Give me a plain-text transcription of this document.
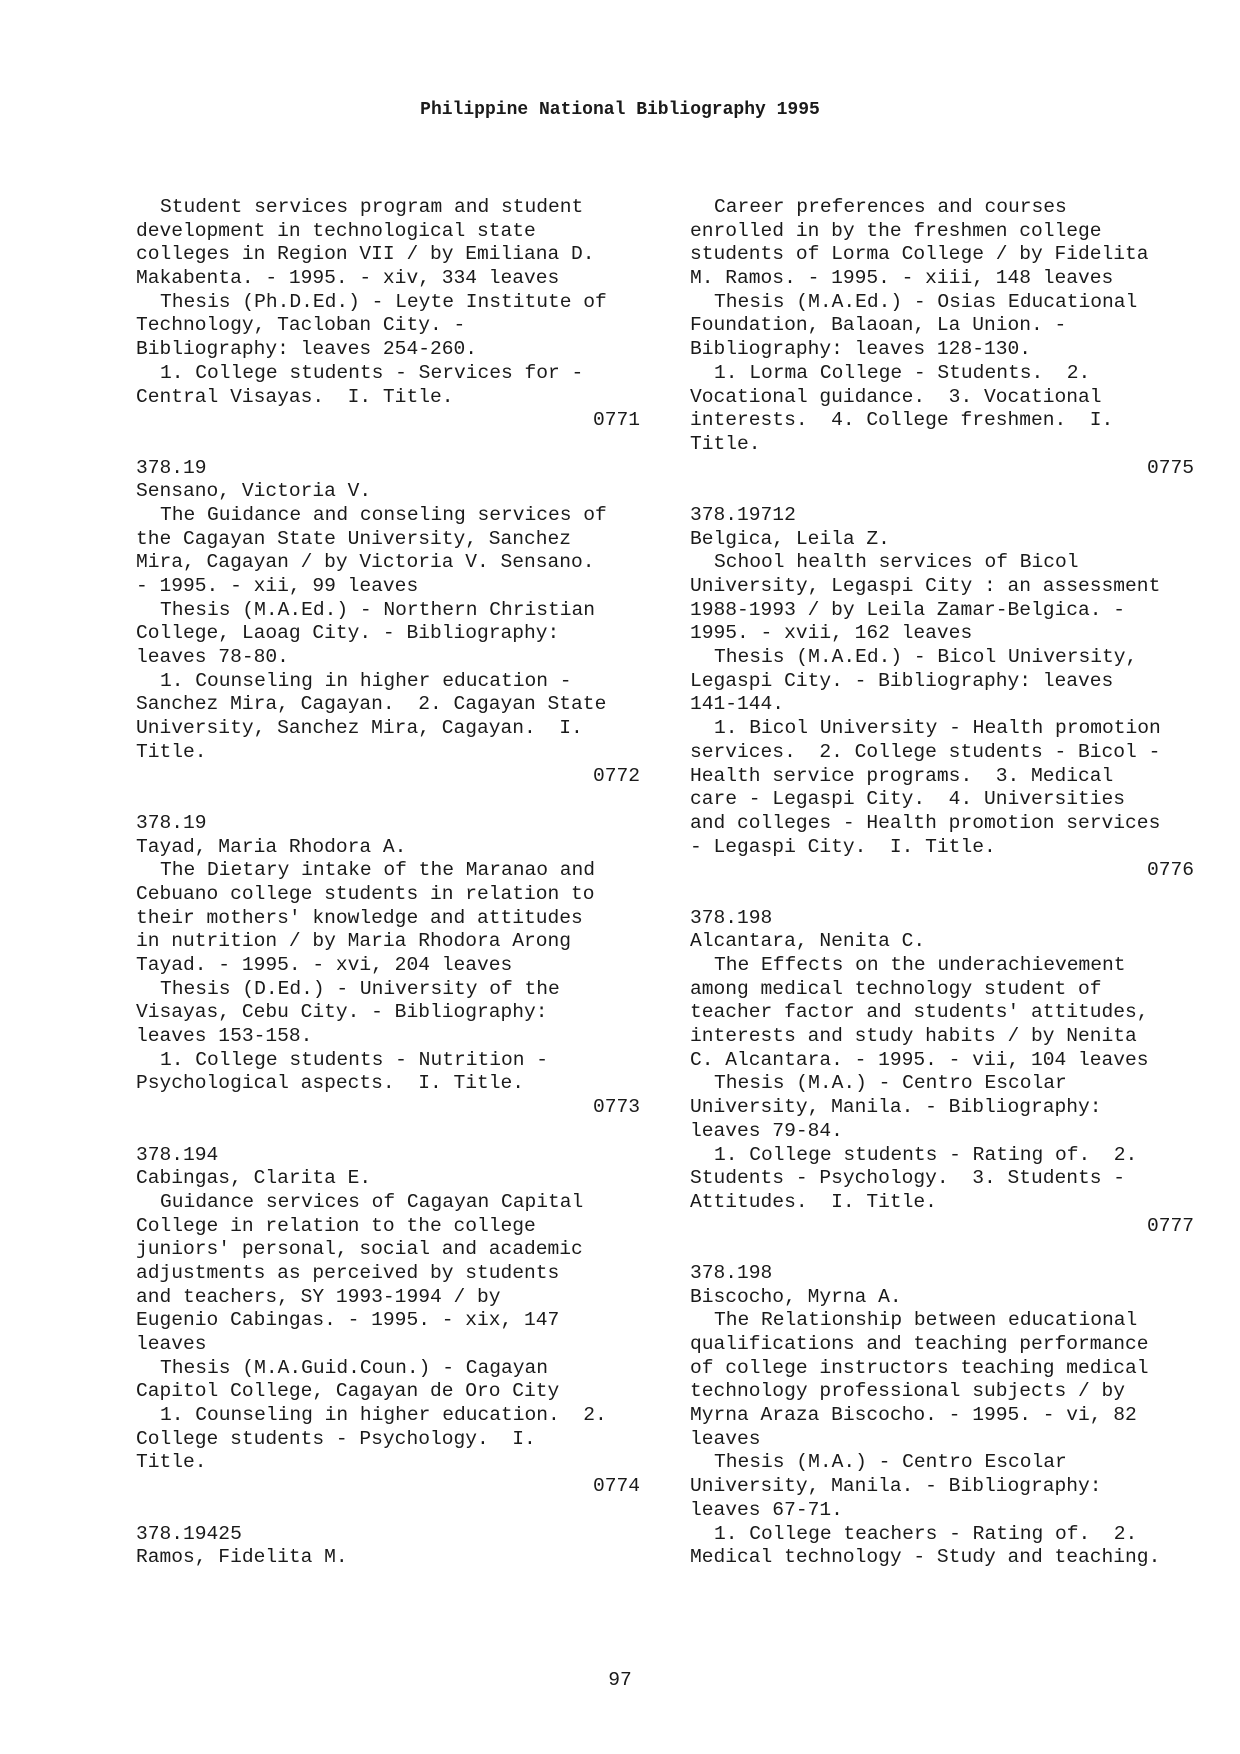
Philippine National Bibliography 1995
Student services program and student
development in technological state
colleges in Region VII / by Emiliana D.
Makabenta. - 1995. - xiv, 334 leaves
Thesis (Ph.D.Ed.) - Leyte Institute of
Technology, Tacloban City. -
Bibliography: leaves 254-260.
1. College students - Services for -
Central Visayas.  I. Title.
0771
378.19
Sensano, Victoria V.
The Guidance and conseling services of
the Cagayan State University, Sanchez
Mira, Cagayan / by Victoria V. Sensano.
- 1995. - xii, 99 leaves
Thesis (M.A.Ed.) - Northern Christian
College, Laoag City. - Bibliography:
leaves 78-80.
1. Counseling in higher education -
Sanchez Mira, Cagayan.  2. Cagayan State
University, Sanchez Mira, Cagayan.  I.
Title.
0772
378.19
Tayad, Maria Rhodora A.
The Dietary intake of the Maranao and
Cebuano college students in relation to
their mothers' knowledge and attitudes
in nutrition / by Maria Rhodora Arong
Tayad. - 1995. - xvi, 204 leaves
Thesis (D.Ed.) - University of the
Visayas, Cebu City. - Bibliography:
leaves 153-158.
1. College students - Nutrition -
Psychological aspects.  I. Title.
0773
378.194
Cabingas, Clarita E.
Guidance services of Cagayan Capital
College in relation to the college
juniors' personal, social and academic
adjustments as perceived by students
and teachers, SY 1993-1994 / by
Eugenio Cabingas. - 1995. - xix, 147
leaves
Thesis (M.A.Guid.Coun.) - Cagayan
Capitol College, Cagayan de Oro City
1. Counseling in higher education.  2.
College students - Psychology.  I.
Title.
0774
378.19425
Ramos, Fidelita M.
Career preferences and courses
enrolled in by the freshmen college
students of Lorma College / by Fidelita
M. Ramos. - 1995. - xiii, 148 leaves
Thesis (M.A.Ed.) - Osias Educational
Foundation, Balaoan, La Union. -
Bibliography: leaves 128-130.
1. Lorma College - Students.  2.
Vocational guidance.  3. Vocational
interests.  4. College freshmen.  I.
Title.
0775
378.19712
Belgica, Leila Z.
School health services of Bicol
University, Legaspi City : an assessment
1988-1993 / by Leila Zamar-Belgica. -
1995. - xvii, 162 leaves
Thesis (M.A.Ed.) - Bicol University,
Legaspi City. - Bibliography: leaves
141-144.
1. Bicol University - Health promotion
services.  2. College students - Bicol -
Health service programs.  3. Medical
care - Legaspi City.  4. Universities
and colleges - Health promotion services
- Legaspi City.  I. Title.
0776
378.198
Alcantara, Nenita C.
The Effects on the underachievement
among medical technology student of
teacher factor and students' attitudes,
interests and study habits / by Nenita
C. Alcantara. - 1995. - vii, 104 leaves
Thesis (M.A.) - Centro Escolar
University, Manila. - Bibliography:
leaves 79-84.
1. College students - Rating of.  2.
Students - Psychology.  3. Students -
Attitudes.  I. Title.
0777
378.198
Biscocho, Myrna A.
The Relationship between educational
qualifications and teaching performance
of college instructors teaching medical
technology professional subjects / by
Myrna Araza Biscocho. - 1995. - vi, 82
leaves
Thesis (M.A.) - Centro Escolar
University, Manila. - Bibliography:
leaves 67-71.
1. College teachers - Rating of.  2.
Medical technology - Study and teaching.
97
